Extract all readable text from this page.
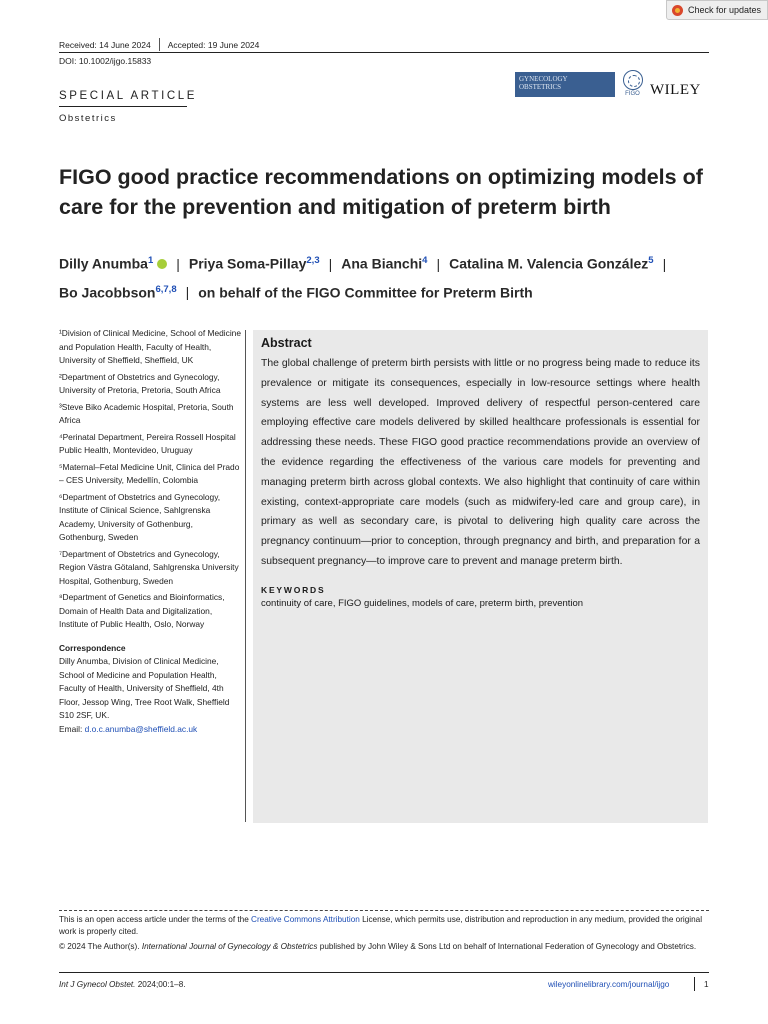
Check for updates
Received: 14 June 2024 Accepted: 19 June 2024
DOI: 10.1002/ijgo.15833
SPECIAL ARTICLE
Obstetrics
GYNECOLOGY
OBSTETRICS
FIGO WILEY
FIGO good practice recommendations on optimizing models of care for the prevention and mitigation of preterm birth
Dilly Anumba$^1$ | Priya Soma-Pillay$^{2,3}$ | Ana Bianchi$^4$ | Catalina M. Valencia González$^5$ |
Bo Jacobbson$^{6,7,8}$ | on behalf of the FIGO Committee for Preterm Birth

¹Division of Clinical Medicine, School of Medicine and Population Health, Faculty of Health, University of Sheffield, Sheffield, UK

²Department of Obstetrics and Gynecology, University of Pretoria, Pretoria, South Africa

³Steve Biko Academic Hospital, Pretoria, South Africa

⁴Perinatal Department, Pereira Rossell Hospital Public Health, Montevideo, Uruguay

⁵Maternal–Fetal Medicine Unit, Clinica del Prado – CES University, Medellín, Colombia

⁶Department of Obstetrics and Gynecology, Institute of Clinical Science, Sahlgrenska Academy, University of Gothenburg, Gothenburg, Sweden

⁷Department of Obstetrics and Gynecology, Region Västra Götaland, Sahlgrenska University Hospital, Gothenburg, Sweden

⁸Department of Genetics and Bioinformatics, Domain of Health Data and Digitalization, Institute of Public Health, Oslo, Norway

Correspondence
Dilly Anumba, Division of Clinical Medicine, School of Medicine and Population Health, Faculty of Health, University of Sheffield, 4th Floor, Jessop Wing, Tree Root Walk, Sheffield S10 2SF, UK.
Email: d.o.c.anumba@sheffield.ac.uk
Abstract
The global challenge of preterm birth persists with little or no progress being made to reduce its prevalence or mitigate its consequences, especially in low-resource settings where health systems are less well developed. Improved delivery of respectful person-centered care employing effective care models delivered by skilled healthcare professionals is essential for addressing these needs. These FIGO good practice recommendations provide an overview of the evidence regarding the effectiveness of the various care models for preventing and managing preterm birth across global contexts. We also highlight that continuity of care within existing, context-appropriate care models (such as midwifery-led care and group care), in primary as well as secondary care, is pivotal to delivering high quality care across the pregnancy continuum—prior to conception, through pregnancy and birth, and preparation for a subsequent pregnancy—to improve care to prevent and manage preterm birth.
KEYWORDS
continuity of care, FIGO guidelines, models of care, preterm birth, prevention

This is an open access article under the terms of the Creative Commons Attribution License, which permits use, distribution and reproduction in any medium, provided the original work is properly cited.

© 2024 The Author(s). International Journal of Gynecology & Obstetrics published by John Wiley & Sons Ltd on behalf of International Federation of Gynecology and Obstetrics.

Int J Gynecol Obstet. 2024;00:1–8.	wileyonlinelibrary.com/journal/ijgo	1
